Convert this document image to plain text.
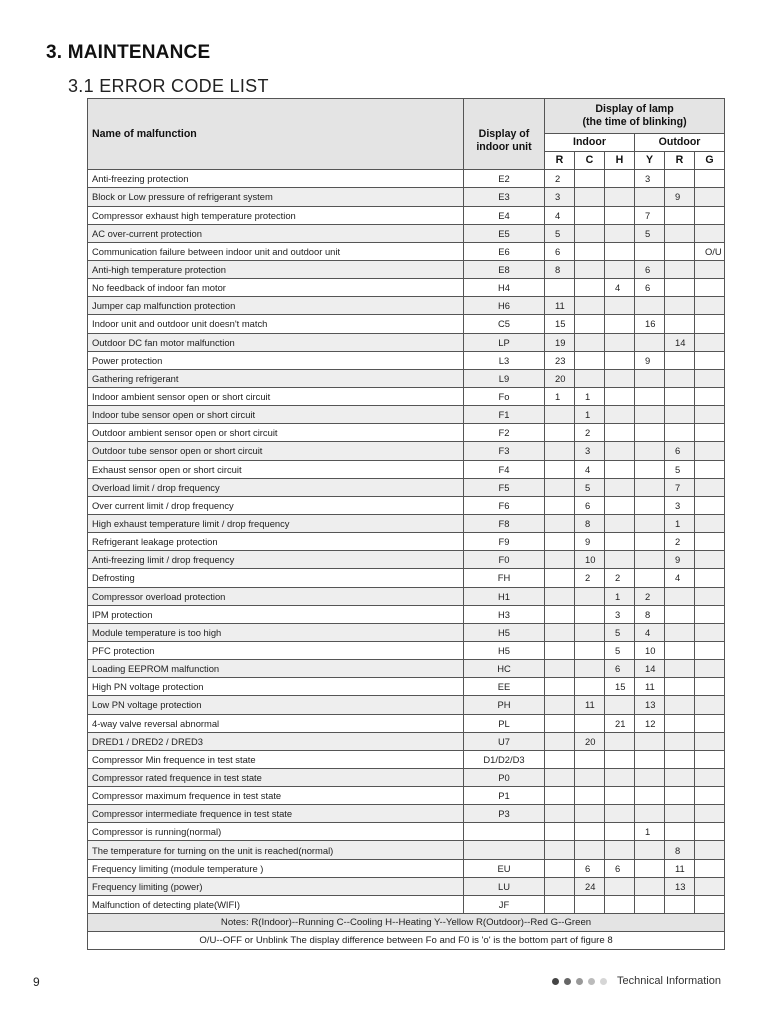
3. MAINTENANCE
3.1 ERROR CODE LIST
Name of malfunction	Display of indoor unit	Display of lamp
(the time of blinking)					

		Indoor			Outdoor		
		R	C	H	Y	R	G
Anti-freezing protection	E2	2			3		
Block or Low pressure of refrigerant system	E3	3				9	
Compressor exhaust high temperature protection	E4	4			7		
AC over-current protection	E5	5			5		
Communication failure between indoor unit and outdoor unit	E6	6					O/U
Anti-high temperature protection	E8	8			6		
No feedback of indoor fan motor	H4			4	6		
Jumper cap malfunction protection	H6	11					
Indoor unit and outdoor unit doesn't match	C5	15			16		
Outdoor DC fan motor malfunction	LP	19				14	
Power protection	L3	23			9		
Gathering refrigerant	L9	20					
Indoor ambient sensor open or short circuit	Fo	1	1				
Indoor tube sensor open or short circuit	F1		1				
Outdoor ambient sensor open or short circuit	F2		2				
Outdoor tube sensor open or short circuit	F3		3			6	
Exhaust sensor open or short circuit	F4		4			5	
Overload limit / drop frequency	F5		5			7	
Over current limit / drop frequency	F6		6			3	
High exhaust temperature limit / drop frequency	F8		8			1	
Refrigerant leakage protection	F9		9			2	
Anti-freezing limit / drop frequency	F0		10			9	
Defrosting	FH		2	2		4	
Compressor overload protection	H1			1	2		
IPM protection	H3			3	8		
Module temperature is too high	H5			5	4		
PFC protection	H5			5	10		
Loading EEPROM malfunction	HC			6	14		
High PN voltage protection	EE			15	11		
Low PN voltage protection	PH		11		13		
4-way valve reversal abnormal	PL			21	12		
DRED1 / DRED2 / DRED3	U7		20				
Compressor Min frequence in test state	D1/D2/D3						
Compressor rated frequence in test state	P0						
Compressor maximum frequence in test state	P1						
Compressor intermediate frequence in test state	P3						
Compressor is running(normal)					1		
The temperature for turning on the unit is reached(normal)						8	
Frequency limiting (module temperature )	EU		6	6		11	
Frequency limiting (power)	LU		24			13	
Malfunction of detecting plate(WIFI)	JF						
Notes: R(Indoor)--Running C--Cooling H--Heating Y--Yellow R(Outdoor)--Red G--Green							
O/U--OFF or Unblink The display difference between Fo and F0 is 'o' is the bottom part of figure 8							
9	Technical Information
